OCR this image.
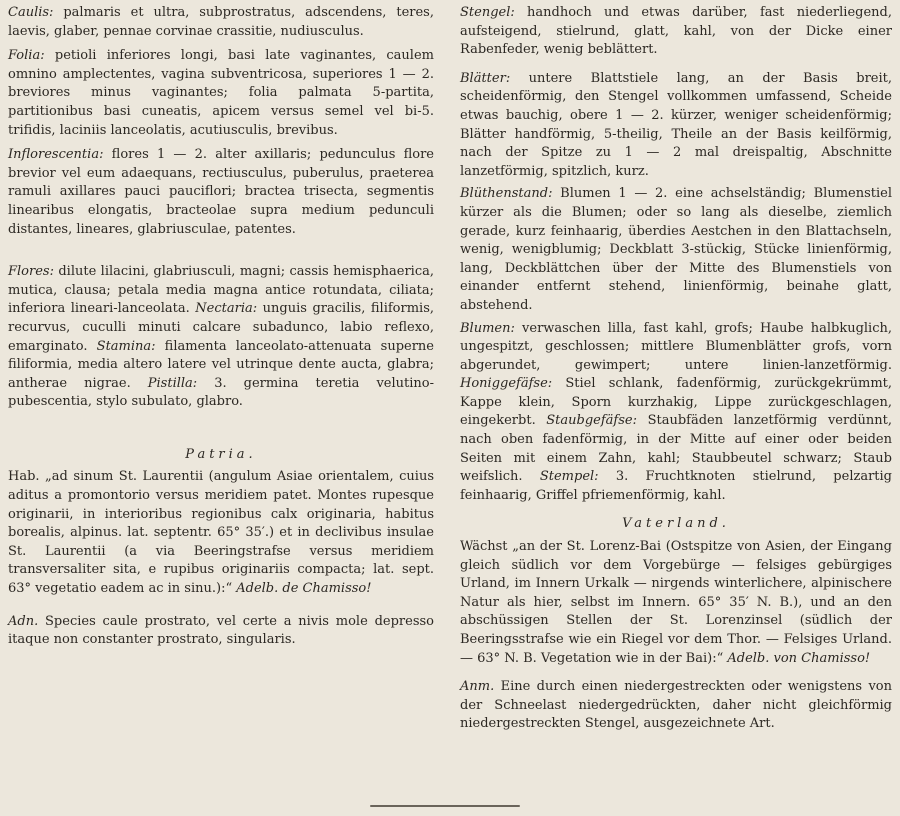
Caulis: palmaris et ultra, subprostratus, adscendens, teres, laevis, glaber, pennae corvinae crassitie, nudiusculus.

Folia: petioli inferiores longi, basi late vaginantes, caulem omnino amplectentes, vagina subventricosa, superiores 1 — 2. breviores minus vaginantes; folia palmata 5-partita, partitionibus basi cuneatis, apicem versus semel vel bi-5. trifidis, laciniis lanceolatis, acutiusculis, brevibus.

Inflorescentia: flores 1 — 2. alter axillaris; pedunculus flore brevior vel eum adaequans, rectiusculus, puberulus, praeterea ramuli axillares pauci pauciflori; bractea trisecta, segmentis linearibus elongatis, bracteolae supra medium pedunculi distantes, lineares, glabriusculae, patentes.

Flores: dilute lilacini, glabriusculi, magni; cassis hemisphaerica, mutica, clausa; petala media magna antice rotundata, ciliata; inferiora lineari-lanceolata. Nectaria: unguis gracilis, filiformis, recurvus, cuculli minuti calcare subaduncо, labio reflexo, emarginato. Stamina: filamenta lanceolato-attenuata superne filiformia, media altero latere vel utrinque dente aucta, glabra; antherae nigrae. Pistilla: 3. germina teretia velutino-pubescentia, stylo subulato, glabro.

Patria.

Hab. „ad sinum St. Laurentii (angulum Asiae orientalem, cuius aditus a promontorio versus meridiem patet. Montes rupesque originarii, in interioribus regionibus calx originaria, habitus borealis, alpinus. lat. septentr. 65° 35′.) et in declivibus insulae St. Laurentii (a via Beeringstrafse versus meridiem transversaliter sita, e rupibus originariis compacta; lat. sept. 63° vegetatio eadem ac in sinu.):“ Adelb. de Chamisso!

Adn. Species caule prostrato, vel certe a nivis mole depresso itaque non constanter prostrato, singularis.

Stengel: handhoch und etwas darüber, fast niederliegend, aufsteigend, stielrund, glatt, kahl, von der Dicke einer Rabenfeder, wenig beblättert.

Blätter: untere Blattstiele lang, an der Basis breit, scheidenförmig, den Stengel vollkommen umfassend, Scheide etwas bauchig, obere 1 — 2. kürzer, weniger scheidenförmig; Blätter handförmig, 5-theilig, Theile an der Basis keilförmig, nach der Spitze zu 1 — 2 mal dreispaltig, Abschnitte lanzetförmig, spitzlich, kurz.

Blüthenstand: Blumen 1 — 2. eine achselständig; Blumenstiel kürzer als die Blumen; oder so lang als dieselbe, ziemlich gerade, kurz feinhaarig, überdies Aestchen in den Blattachseln, wenig, wenigblumig; Deckblatt 3-stückig, Stücke linienförmig, lang, Deckblättchen über der Mitte des Blumenstiels von einander entfernt stehend, linienförmig, beinahe glatt, abstehend.

Blumen: verwaschen lilla, fast kahl, grofs; Haube halbkuglich, ungespitzt, geschlossen; mittlere Blumenblätter grofs, vorn abgerundet, gewimpert; untere linien-lanzetförmig. Honiggefäfse: Stiel schlank, fadenförmig, zurückgekrümmt, Kappe klein, Sporn kurzhakig, Lippe zurückgeschlagen, eingekerbt. Staubgefäfse: Staubfäden lanzetförmig verdünnt, nach oben fadenförmig, in der Mitte auf einer oder beiden Seiten mit einem Zahn, kahl; Staubbeutel schwarz; Staub weifslich. Stempel: 3. Fruchtknoten stielrund, pelzartig feinhaarig, Griffel pfriemenförmig, kahl.

Vaterland.

Wächst „an der St. Lorenz-Bai (Ostspitze von Asien, der Eingang gleich südlich vor dem Vorgebürge — felsiges gebürgiges Urland, im Innern Urkalk — nirgends winterlichere, alpinischere Natur als hier, selbst im Innern. 65° 35′ N. B.), und an den abschüssigen Stellen der St. Lorenzinsel (südlich der Beeringsstrafse wie ein Riegel vor dem Thor. — Felsiges Urland. — 63° N. B. Vegetation wie in der Bai):“ Adelb. von Chamisso!

Anm. Eine durch einen niedergestreckten oder wenigstens von der Schneelast niedergedrückten, daher nicht gleichförmig niedergestreckten Stengel, ausgezeichnete Art.
